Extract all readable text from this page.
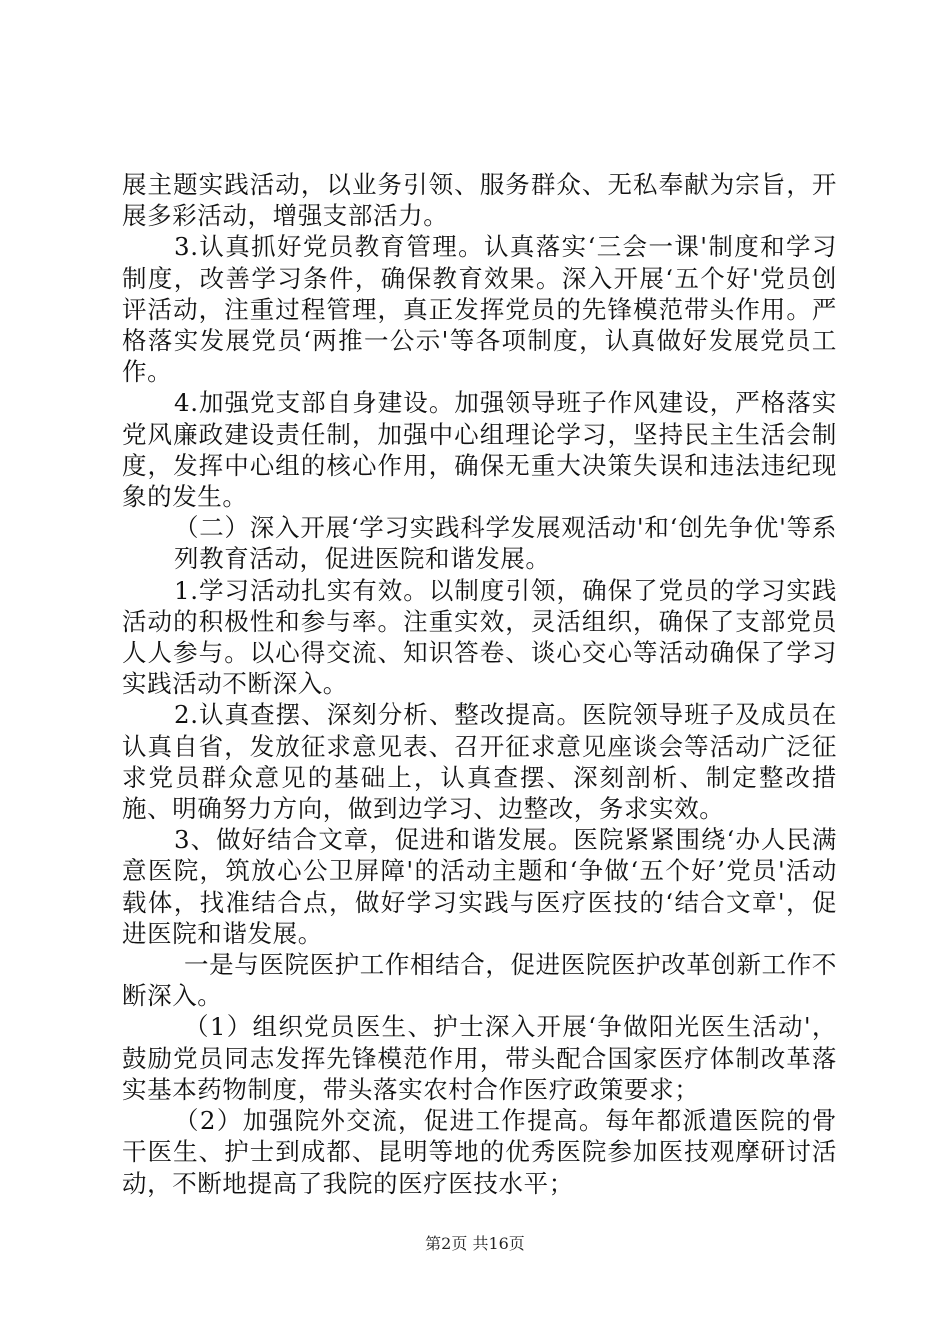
展主题实践活动，以业务引领、服务群众、无私奉献为宗旨，开展多彩活动，增强支部活力。

3.认真抓好党员教育管理。认真落实‘三会一课'制度和学习制度，改善学习条件，确保教育效果。深入开展‘五个好'党员创评活动，注重过程管理，真正发挥党员的先锋模范带头作用。严格落实发展党员‘两推一公示'等各项制度，认真做好发展党员工作。

4.加强党支部自身建设。加强领导班子作风建设，严格落实党风廉政建设责任制，加强中心组理论学习，坚持民主生活会制度，发挥中心组的核心作用，确保无重大决策失误和违法违纪现象的发生。

（二）深入开展‘学习实践科学发展观活动'和‘创先争优'等系列教育活动，促进医院和谐发展。

1.学习活动扎实有效。以制度引领，确保了党员的学习实践活动的积极性和参与率。注重实效，灵活组织，确保了支部党员人人参与。以心得交流、知识答卷、谈心交心等活动确保了学习实践活动不断深入。

2.认真查摆、深刻分析、整改提高。医院领导班子及成员在认真自省，发放征求意见表、召开征求意见座谈会等活动广泛征求党员群众意见的基础上，认真查摆、深刻剖析、制定整改措施、明确努力方向，做到边学习、边整改，务求实效。

3、做好结合文章，促进和谐发展。医院紧紧围绕‘办人民满意医院，筑放心公卫屏障'的活动主题和‘争做‘五个好’党员'活动载体，找准结合点，做好学习实践与医疗医技的‘结合文章'，促进医院和谐发展。

一是与医院医护工作相结合，促进医院医护改革创新工作不断深入。

（1）组织党员医生、护士深入开展‘争做阳光医生活动'，鼓励党员同志发挥先锋模范作用，带头配合国家医疗体制改革落实基本药物制度，带头落实农村合作医疗政策要求；

（2）加强院外交流，促进工作提高。每年都派遣医院的骨干医生、护士到成都、昆明等地的优秀医院参加医技观摩研讨活动，不断地提高了我院的医疗医技水平；

第2页 共16页
